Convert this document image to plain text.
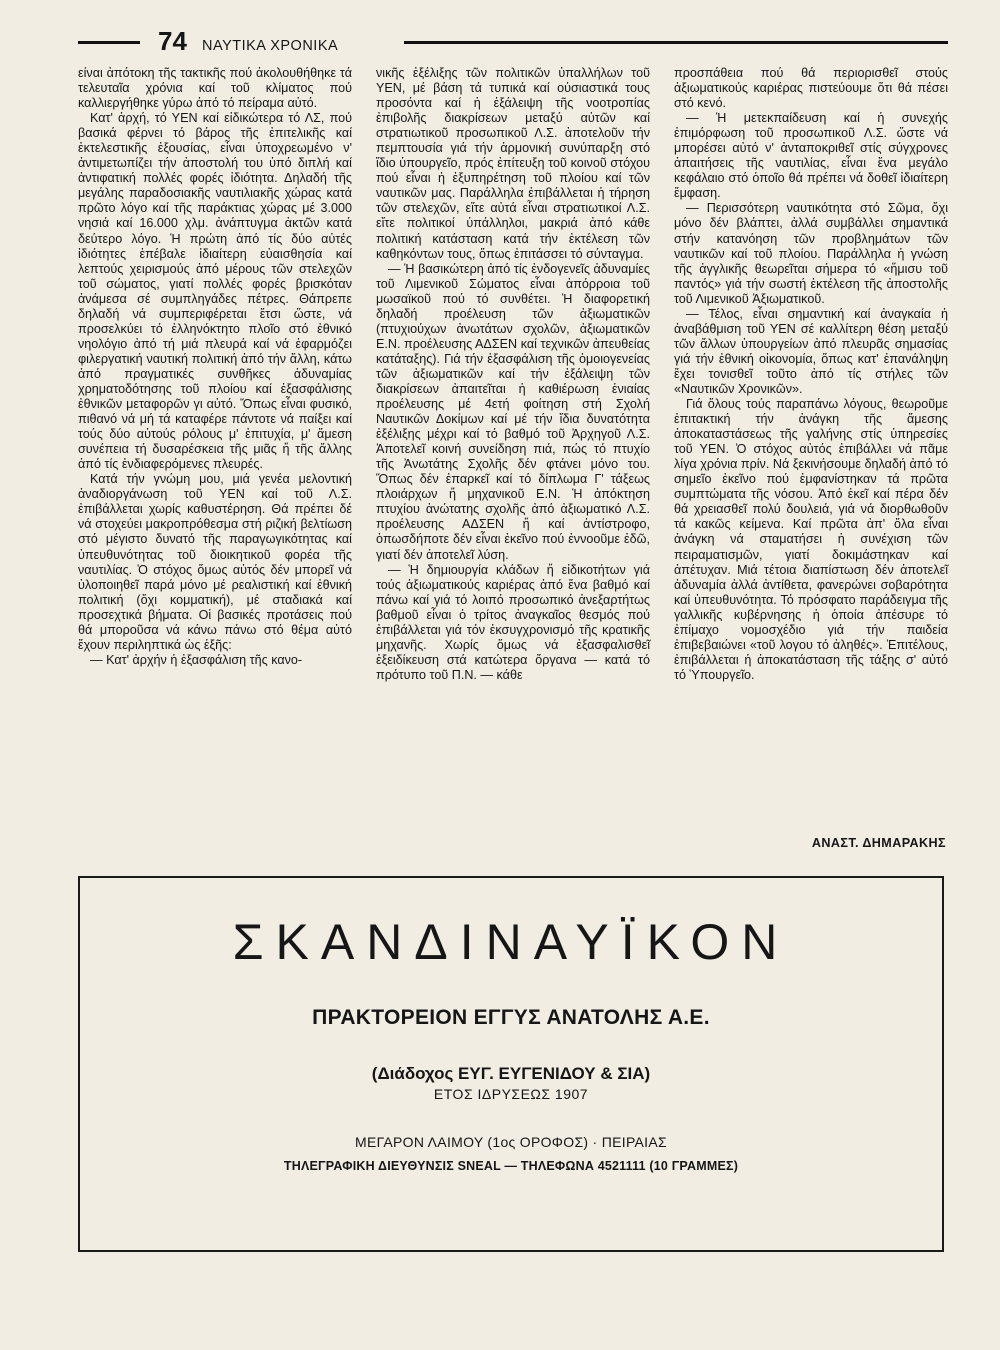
74 ΝΑΥΤΙΚΑ ΧΡΟΝΙΚΑ

είναι ἀπότοκη τῆς τακτικῆς πού ἀκολουθήθηκε τά τελευταῖα χρόνια καί τοῦ κλίματος πού καλλιεργήθηκε γύρω ἀπό τό πείραμα αὐτό.

Κατ' ἀρχή, τό ΥΕΝ καί εἰδικώτερα τό ΛΣ, πού βασικά φέρνει τό βάρος τῆς ἐπιτελικῆς καί ἐκτελεστικῆς ἐξουσίας, εἶναι ὑποχρεωμένο ν' ἀντιμετωπίζει τήν ἀποστολή του ὑπό διπλή καί ἀντιφατική πολλές φορές ἰδιότητα. Δηλαδή τῆς μεγάλης παραδοσιακῆς ναυτιλιακῆς χώρας κατά πρῶτο λόγο καί τῆς παράκτιας χώρας μέ 3.000 νησιά καί 16.000 χλμ. ἀνάπτυγμα ἀκτῶν κατά δεύτερο λόγο. Ἡ πρώτη ἀπό τίς δύο αὐτές ἰδιότητες ἐπέβαλε ἰδιαίτερη εὐαισθησία καί λεπτούς χειρισμούς ἀπό μέρους τῶν στελεχῶν τοῦ σώματος, γιατί πολλές φορές βρισκόταν ἀνάμεσα σέ συμπληγάδες πέτρες. Θάπρεπε δηλαδή νά συμπεριφέρεται ἔτσι ὥστε, νά προσελκύει τό ἑλληνόκτητο πλοῖο στό ἐθνικό νηολόγιο ἀπό τή μιά πλευρά καί νά ἐφαρμόζει φιλεργατική ναυτική πολιτική ἀπό τήν ἄλλη, κάτω ἀπό πραγματικές συνθῆκες ἀδυναμίας χρηματοδότησης τοῦ πλοίου καί ἐξασφάλισης ἐθνικῶν μεταφορῶν γι αὐτό. Ὅπως εἶναι φυσικό, πιθανό νά μή τά καταφέρε πάντοτε νά παίξει καί τούς δύο αὐτούς ρόλους μ' ἐπιτυχία, μ' ἄμεση συνέπεια τή δυσαρέσκεια τῆς μιᾶς ἤ τῆς ἄλλης ἀπό τίς ἐνδιαφερόμενες πλευρές.

Κατά τήν γνώμη μου, μιά γενέα μελοντική ἀναδιοργάνωση τοῦ ΥΕΝ καί τοῦ Λ.Σ. ἐπιβάλλεται χωρίς καθυστέρηση. Θά πρέπει δέ νά στοχεύει μακροπρόθεσμα στή ριζική βελτίωση στό μέγιστο δυνατό τῆς παραγωγικότητας καί ὑπευθυνότητας τοῦ διοικητικοῦ φορέα τῆς ναυτιλίας. Ὁ στόχος ὅμως αὐτός δέν μπορεῖ νά ὑλοποιηθεῖ παρά μόνο μέ ρεαλιστική καί ἐθνική πολιτική (ὄχι κομματική), μέ σταδιακά καί προσεχτικά βήματα. Οἱ βασικές προτάσεις πού θά μποροῦσα νά κάνω πάνω στό θέμα αὐτό ἔχουν περιληπτικά ὡς ἑξῆς:

— Κατ' ἀρχήν ἡ ἐξασφάλιση τῆς κανο-

νικῆς ἐξέλιξης τῶν πολιτικῶν ὑπαλλήλων τοῦ ΥΕΝ, μέ βάση τά τυπικά καί οὐσιαστικά τους προσόντα καί ἡ ἐξάλειψη τῆς νοοτροπίας ἐπιβολῆς διακρίσεων μεταξύ αὐτῶν καί στρατιωτικοῦ προσωπικοῦ Λ.Σ. ἀποτελοῦν τήν πεμπτουσία γιά τήν ἁρμονική συνύπαρξη στό ἴδιο ὑπουργεῖο, πρός ἐπίτευξη τοῦ κοινοῦ στόχου πού εἶναι ἡ ἐξυπηρέτηση τοῦ πλοίου καί τῶν ναυτικῶν μας. Παράλληλα ἐπιβάλλεται ἡ τήρηση τῶν στελεχῶν, εἴτε αὐτά εἶναι στρατιωτικοί Λ.Σ. εἴτε πολιτικοί ὑπάλληλοι, μακριά ἀπό κάθε πολιτική κατάσταση κατά τήν ἐκτέλεση τῶν καθηκόντων τους, ὅπως ἐπιτάσσει τό σύνταγμα.

— Ἡ βασικώτερη ἀπό τίς ἐνδογενεῖς ἀδυναμίες τοῦ Λιμενικοῦ Σώματος εἶναι ἀπόρροια τοῦ μωσαϊκοῦ πού τό συνθέτει. Ἡ διαφορετική δηλαδή προέλευση τῶν ἀξιωματικῶν (πτυχιούχων ἀνωτάτων σχολῶν, ἀξιωματικῶν Ε.Ν. προέλευσης ΑΔΣΕΝ καί τεχνικῶν ἀπευθείας κατάταξης). Γιά τήν ἐξασφάλιση τῆς ὁμοιογενείας τῶν ἀξιωματικῶν καί τήν ἐξάλειψη τῶν διακρίσεων ἀπαιτεῖται ἡ καθιέρωση ἑνιαίας προέλευσης μέ 4ετή φοίτηση στή Σχολή Ναυτικῶν Δοκίμων καί μέ τήν ἴδια δυνατότητα ἐξέλιξης μέχρι καί τό βαθμό τοῦ Ἀρχηγοῦ Λ.Σ. Ἀποτελεῖ κοινή συνείδηση πιά, πώς τό πτυχίο τῆς Ἀνωτάτης Σχολῆς δέν φτάνει μόνο του. Ὅπως δέν ἐπαρκεῖ καί τό δίπλωμα Γ' τάξεως πλοιάρχων ἤ μηχανικοῦ Ε.Ν. Ἡ ἀπόκτηση πτυχίου ἀνώτατης σχολῆς ἀπό ἀξιωματικό Λ.Σ. προέλευσης ΑΔΣΕΝ ἤ καί ἀντίστροφο, ὁπωσδήποτε δέν εἶναι ἐκεῖνο πού ἐννοοῦμε ἐδῶ, γιατί δέν ἀποτελεῖ λύση.

— Ἡ δημιουργία κλάδων ἤ εἰδικοτήτων γιά τούς ἀξιωματικούς καριέρας ἀπό ἕνα βαθμό καί πάνω καί γιά τό λοιπό προσωπικό ἀνεξαρτήτως βαθμοῦ εἶναι ὁ τρίτος ἀναγκαῖος θεσμός πού ἐπιβάλλεται γιά τόν ἐκσυγχρονισμό τῆς κρατικῆς μηχανῆς. Χωρίς ὅμως νά ἐξασφαλισθεῖ ἐξειδίκευση στά κατώτερα ὄργανα — κατά τό πρότυπο τοῦ Π.Ν. — κάθε

προσπάθεια πού θά περιορισθεῖ στούς ἀξιωματικούς καριέρας πιστεύουμε ὅτι θά πέσει στό κενό.

— Ἡ μετεκπαίδευση καί ἡ συνεχής ἐπιμόρφωση τοῦ προσωπικοῦ Λ.Σ. ὥστε νά μπορέσει αὐτό ν' ἀνταποκριθεῖ στίς σύγχρονες ἀπαιτήσεις τῆς ναυτιλίας, εἶναι ἕνα μεγάλο κεφάλαιο στό ὁποῖο θά πρέπει νά δοθεῖ ἰδιαίτερη ἔμφαση.

— Περισσότερη ναυτικότητα στό Σῶμα, ὄχι μόνο δέν βλάπτει, ἀλλά συμβάλλει σημαντικά στήν κατανόηση τῶν προβλημάτων τῶν ναυτικῶν καί τοῦ πλοίου. Παράλληλα ἡ γνώση τῆς ἀγγλικῆς θεωρεῖται σήμερα τό «ἥμισυ τοῦ παντός» γιά τήν σωστή ἐκτέλεση τῆς ἀποστολῆς τοῦ Λιμενικοῦ Ἀξιωματικοῦ.

— Τέλος, εἶναι σημαντική καί ἀναγκαία ἡ ἀναβάθμιση τοῦ ΥΕΝ σέ καλλίτερη θέση μεταξύ τῶν ἄλλων ὑπουργείων ἀπό πλευρᾶς σημασίας γιά τήν ἐθνική οἰκονομία, ὅπως κατ' ἐπανάληψη ἔχει τονισθεῖ τοῦτο ἀπό τίς στήλες τῶν «Ναυτικῶν Χρονικῶν».

Γιά ὅλους τούς παραπάνω λόγους, θεωροῦμε ἐπιτακτική τήν ἀνάγκη τῆς ἄμεσης ἀποκαταστάσεως τῆς γαλήνης στίς ὑπηρεσίες τοῦ ΥΕΝ. Ὁ στόχος αὐτός ἐπιβάλλει νά πᾶμε λίγα χρόνια πρίν. Νά ξεκινήσουμε δηλαδή ἀπό τό σημεῖο ἐκεῖνο πού ἐμφανίστηκαν τά πρῶτα συμπτώματα τῆς νόσου. Ἀπό ἐκεῖ καί πέρα δέν θά χρειασθεῖ πολύ δουλειά, γιά νά διορθωθοῦν τά κακῶς κείμενα. Καί πρῶτα ἀπ' ὅλα εἶναι ἀνάγκη νά σταματήσει ἡ συνέχιση τῶν πειραματισμῶν, γιατί δοκιμάστηκαν καί ἀπέτυχαν. Μιά τέτοια διαπίστωση δέν ἀποτελεῖ ἀδυναμία ἀλλά ἀντίθετα, φανερώνει σοβαρότητα καί ὑπευθυνότητα. Τό πρόσφατο παράδειγμα τῆς γαλλικῆς κυβέρνησης ἡ ὁποία ἀπέσυρε τό ἐπίμαχο νομοσχέδιο γιά τήν παιδεία ἐπιβεβαιώνει «τοῦ λογου τό ἀληθές». Ἐπιτέλους, ἐπιβάλλεται ἡ ἀποκατάσταση τῆς τάξης σ' αὐτό τό Ὑπουργεῖο.

ΑΝΑΣΤ. ΔΗΜΑΡΑΚΗΣ
ΣΚΑΝΔΙΝΑΥΪΚΟΝ
ΠΡΑΚΤΟΡΕΙΟΝ ΕΓΓΥΣ ΑΝΑΤΟΛΗΣ Α.Ε.
(Διάδοχος ΕΥΓ. ΕΥΓΕΝΙΔΟΥ & ΣΙΑ)
ΕΤΟΣ ΙΔΡΥΣΕΩΣ 1907
ΜΕΓΑΡΟΝ ΛΑΙΜΟΥ (1ος ΟΡΟΦΟΣ) · ΠΕΙΡΑΙΑΣ
ΤΗΛΕΓΡΑΦΙΚΗ ΔΙΕΥΘΥΝΣΙΣ SNEAL — ΤΗΛΕΦΩΝΑ 4521111 (10 ΓΡΑΜΜΕΣ)
